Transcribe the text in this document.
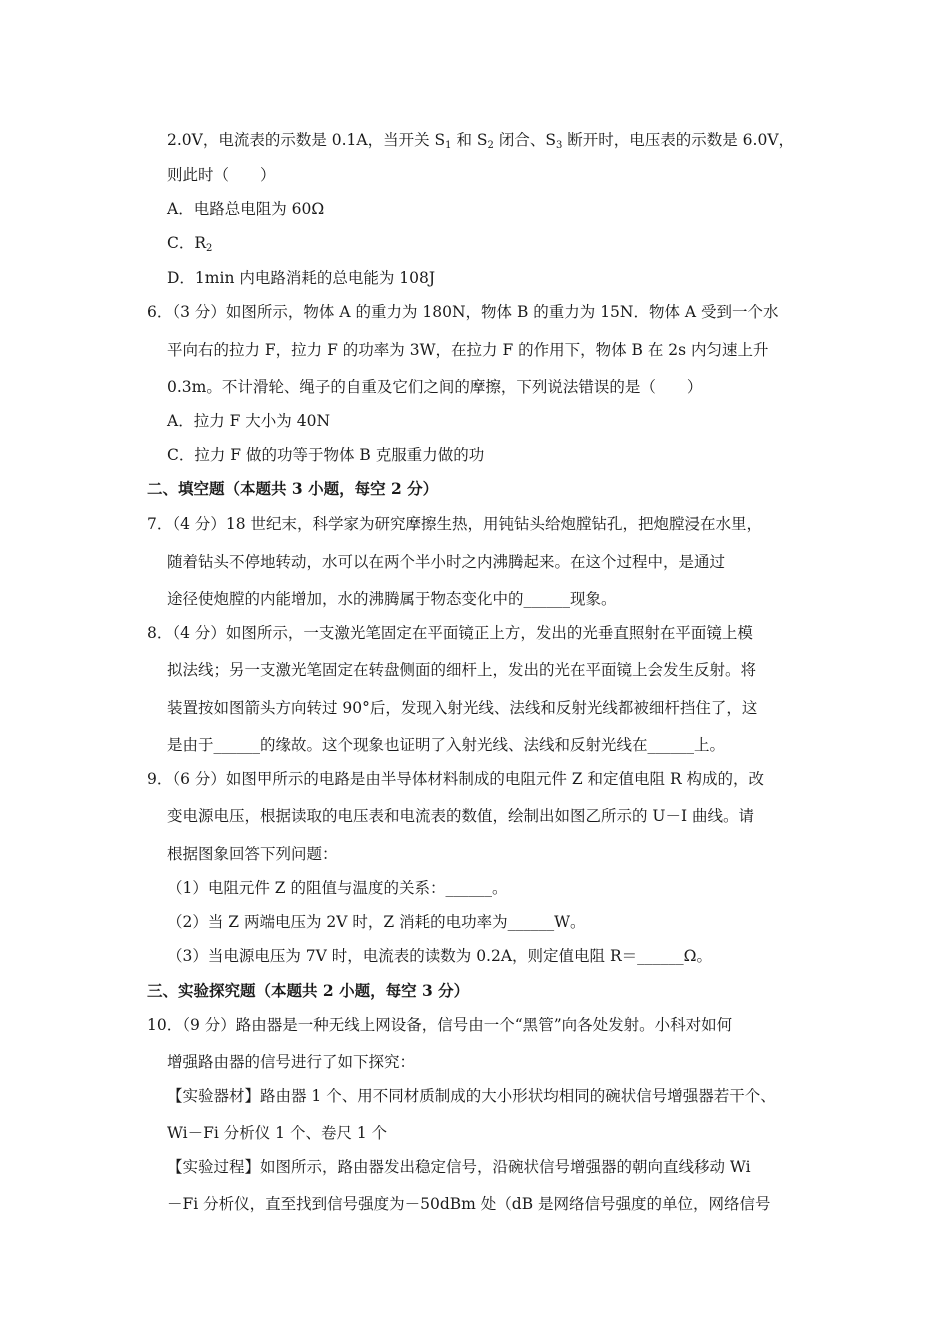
2.0V，电流表的示数是 0.1A，当开关 $S_1$ 和 $S_2$ 闭合、$S_3$ 断开时，电压表的示数是 6.0V，
则此时（　　）
A．电路总电阻为 60Ω
C．$R_2$
D．1min 内电路消耗的总电能为 108J
6．（3 分）如图所示，物体 A 的重力为 180N，物体 B 的重力为 15N．物体 A 受到一个水
平向右的拉力 F，拉力 F 的功率为 3W，在拉力 F 的作用下，物体 B 在 2s 内匀速上升
0.3m。不计滑轮、绳子的自重及它们之间的摩擦，下列说法错误的是（　　）
A．拉力 F 大小为 40N
C．拉力 F 做的功等于物体 B 克服重力做的功
二、填空题（本题共 3 小题，每空 2 分）
7．（4 分）18 世纪末，科学家为研究摩擦生热，用钝钻头给炮膛钻孔，把炮膛浸在水里，
随着钻头不停地转动，水可以在两个半小时之内沸腾起来。在这个过程中，是通过
途径使炮膛的内能增加，水的沸腾属于物态变化中的______现象。
8．（4 分）如图所示，一支激光笔固定在平面镜正上方，发出的光垂直照射在平面镜上模
拟法线；另一支激光笔固定在转盘侧面的细杆上，发出的光在平面镜上会发生反射。将
装置按如图箭头方向转过 90°后，发现入射光线、法线和反射光线都被细杆挡住了，这
是由于______的缘故。这个现象也证明了入射光线、法线和反射光线在______上。
9．（6 分）如图甲所示的电路是由半导体材料制成的电阻元件 Z 和定值电阻 R 构成的，改
变电源电压，根据读取的电压表和电流表的数值，绘制出如图乙所示的 U－I 曲线。请
根据图象回答下列问题：
（1）电阻元件 Z 的阻值与温度的关系：______。
（2）当 Z 两端电压为 2V 时，Z 消耗的电功率为______W。
（3）当电源电压为 7V 时，电流表的读数为 0.2A，则定值电阻 R＝______Ω。
三、实验探究题（本题共 2 小题，每空 3 分）
10．（9 分）路由器是一种无线上网设备，信号由一个“黑管”向各处发射。小科对如何
增强路由器的信号进行了如下探究：
【实验器材】路由器 1 个、用不同材质制成的大小形状均相同的碗状信号增强器若干个、
Wi－Fi 分析仪 1 个、卷尺 1 个
【实验过程】如图所示，路由器发出稳定信号，沿碗状信号增强器的朝向直线移动 Wi
－Fi 分析仪，直至找到信号强度为－50dBm 处（dB 是网络信号强度的单位，网络信号
